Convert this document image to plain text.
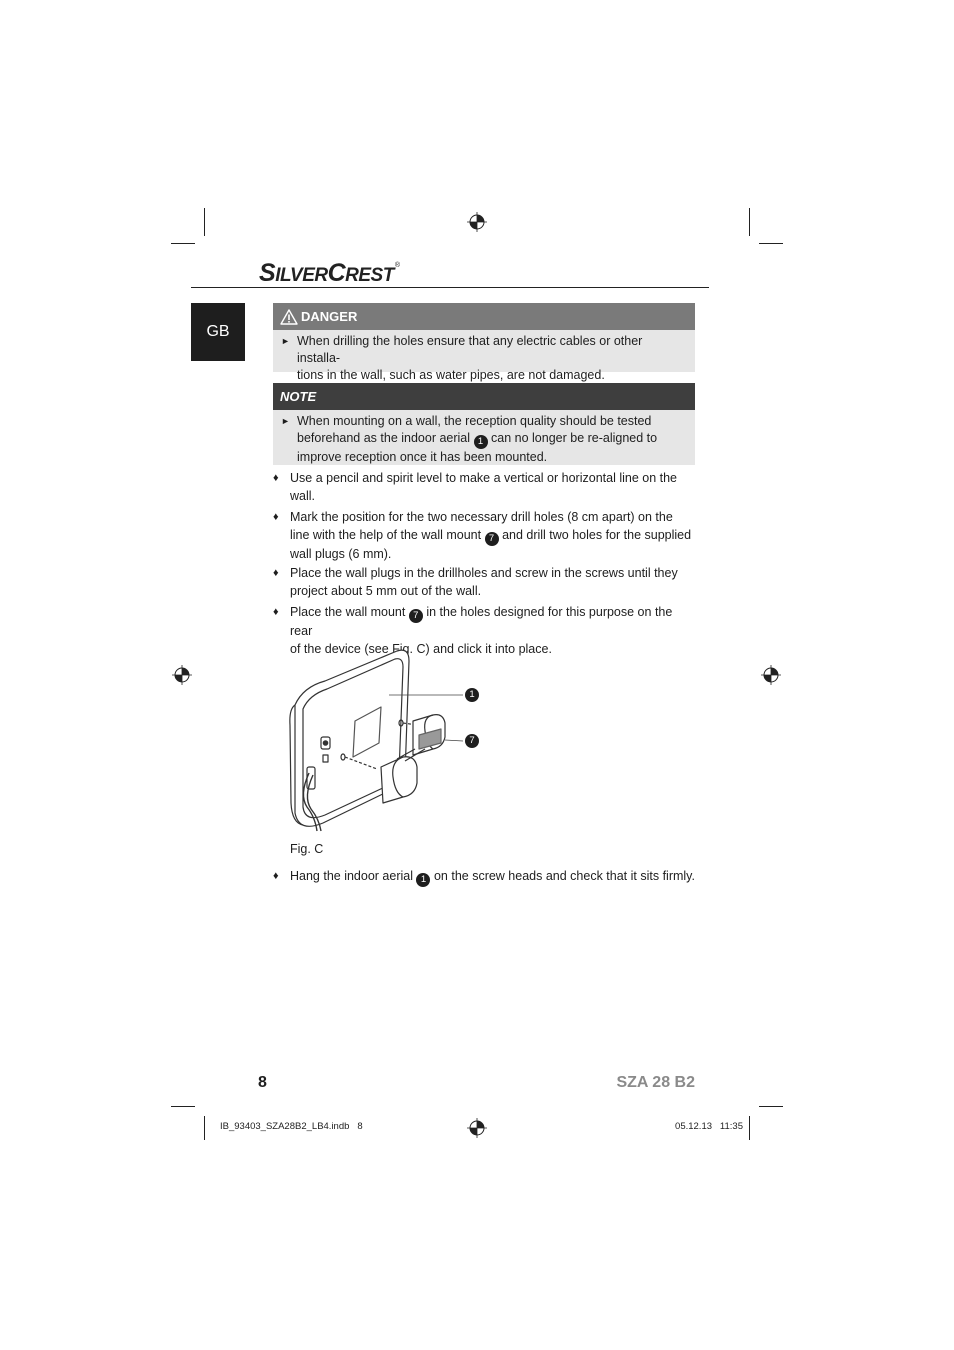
SILVERCREST®
GB
DANGER
► When drilling the holes ensure that any electric cables or other installa-
tions in the wall, such as water pipes, are not damaged.
NOTE
► When mounting on a wall, the reception quality should be tested
beforehand as the indoor aerial 1 can no longer be re-aligned to
improve reception once it has been mounted.
♦ Use a pencil and spirit level to make a vertical or horizontal line on the
wall.
♦ Mark the position for the two necessary drill holes (8 cm apart) on the
line with the help of the wall mount 7 and drill two holes for the supplied
wall plugs (6 mm).
♦ Place the wall plugs in the drillholes and screw in the screws until they
project about 5 mm out of the wall.
♦ Place the wall mount 7 in the holes designed for this purpose on the rear
of the device (see Fig. C) and click it into place.
1
7
Fig. C
♦ Hang the indoor aerial 1 on the screw heads and check that it sits firmly.
8	SZA 28 B2
IB_93403_SZA28B2_LB4.indb   8	05.12.13   11:35
